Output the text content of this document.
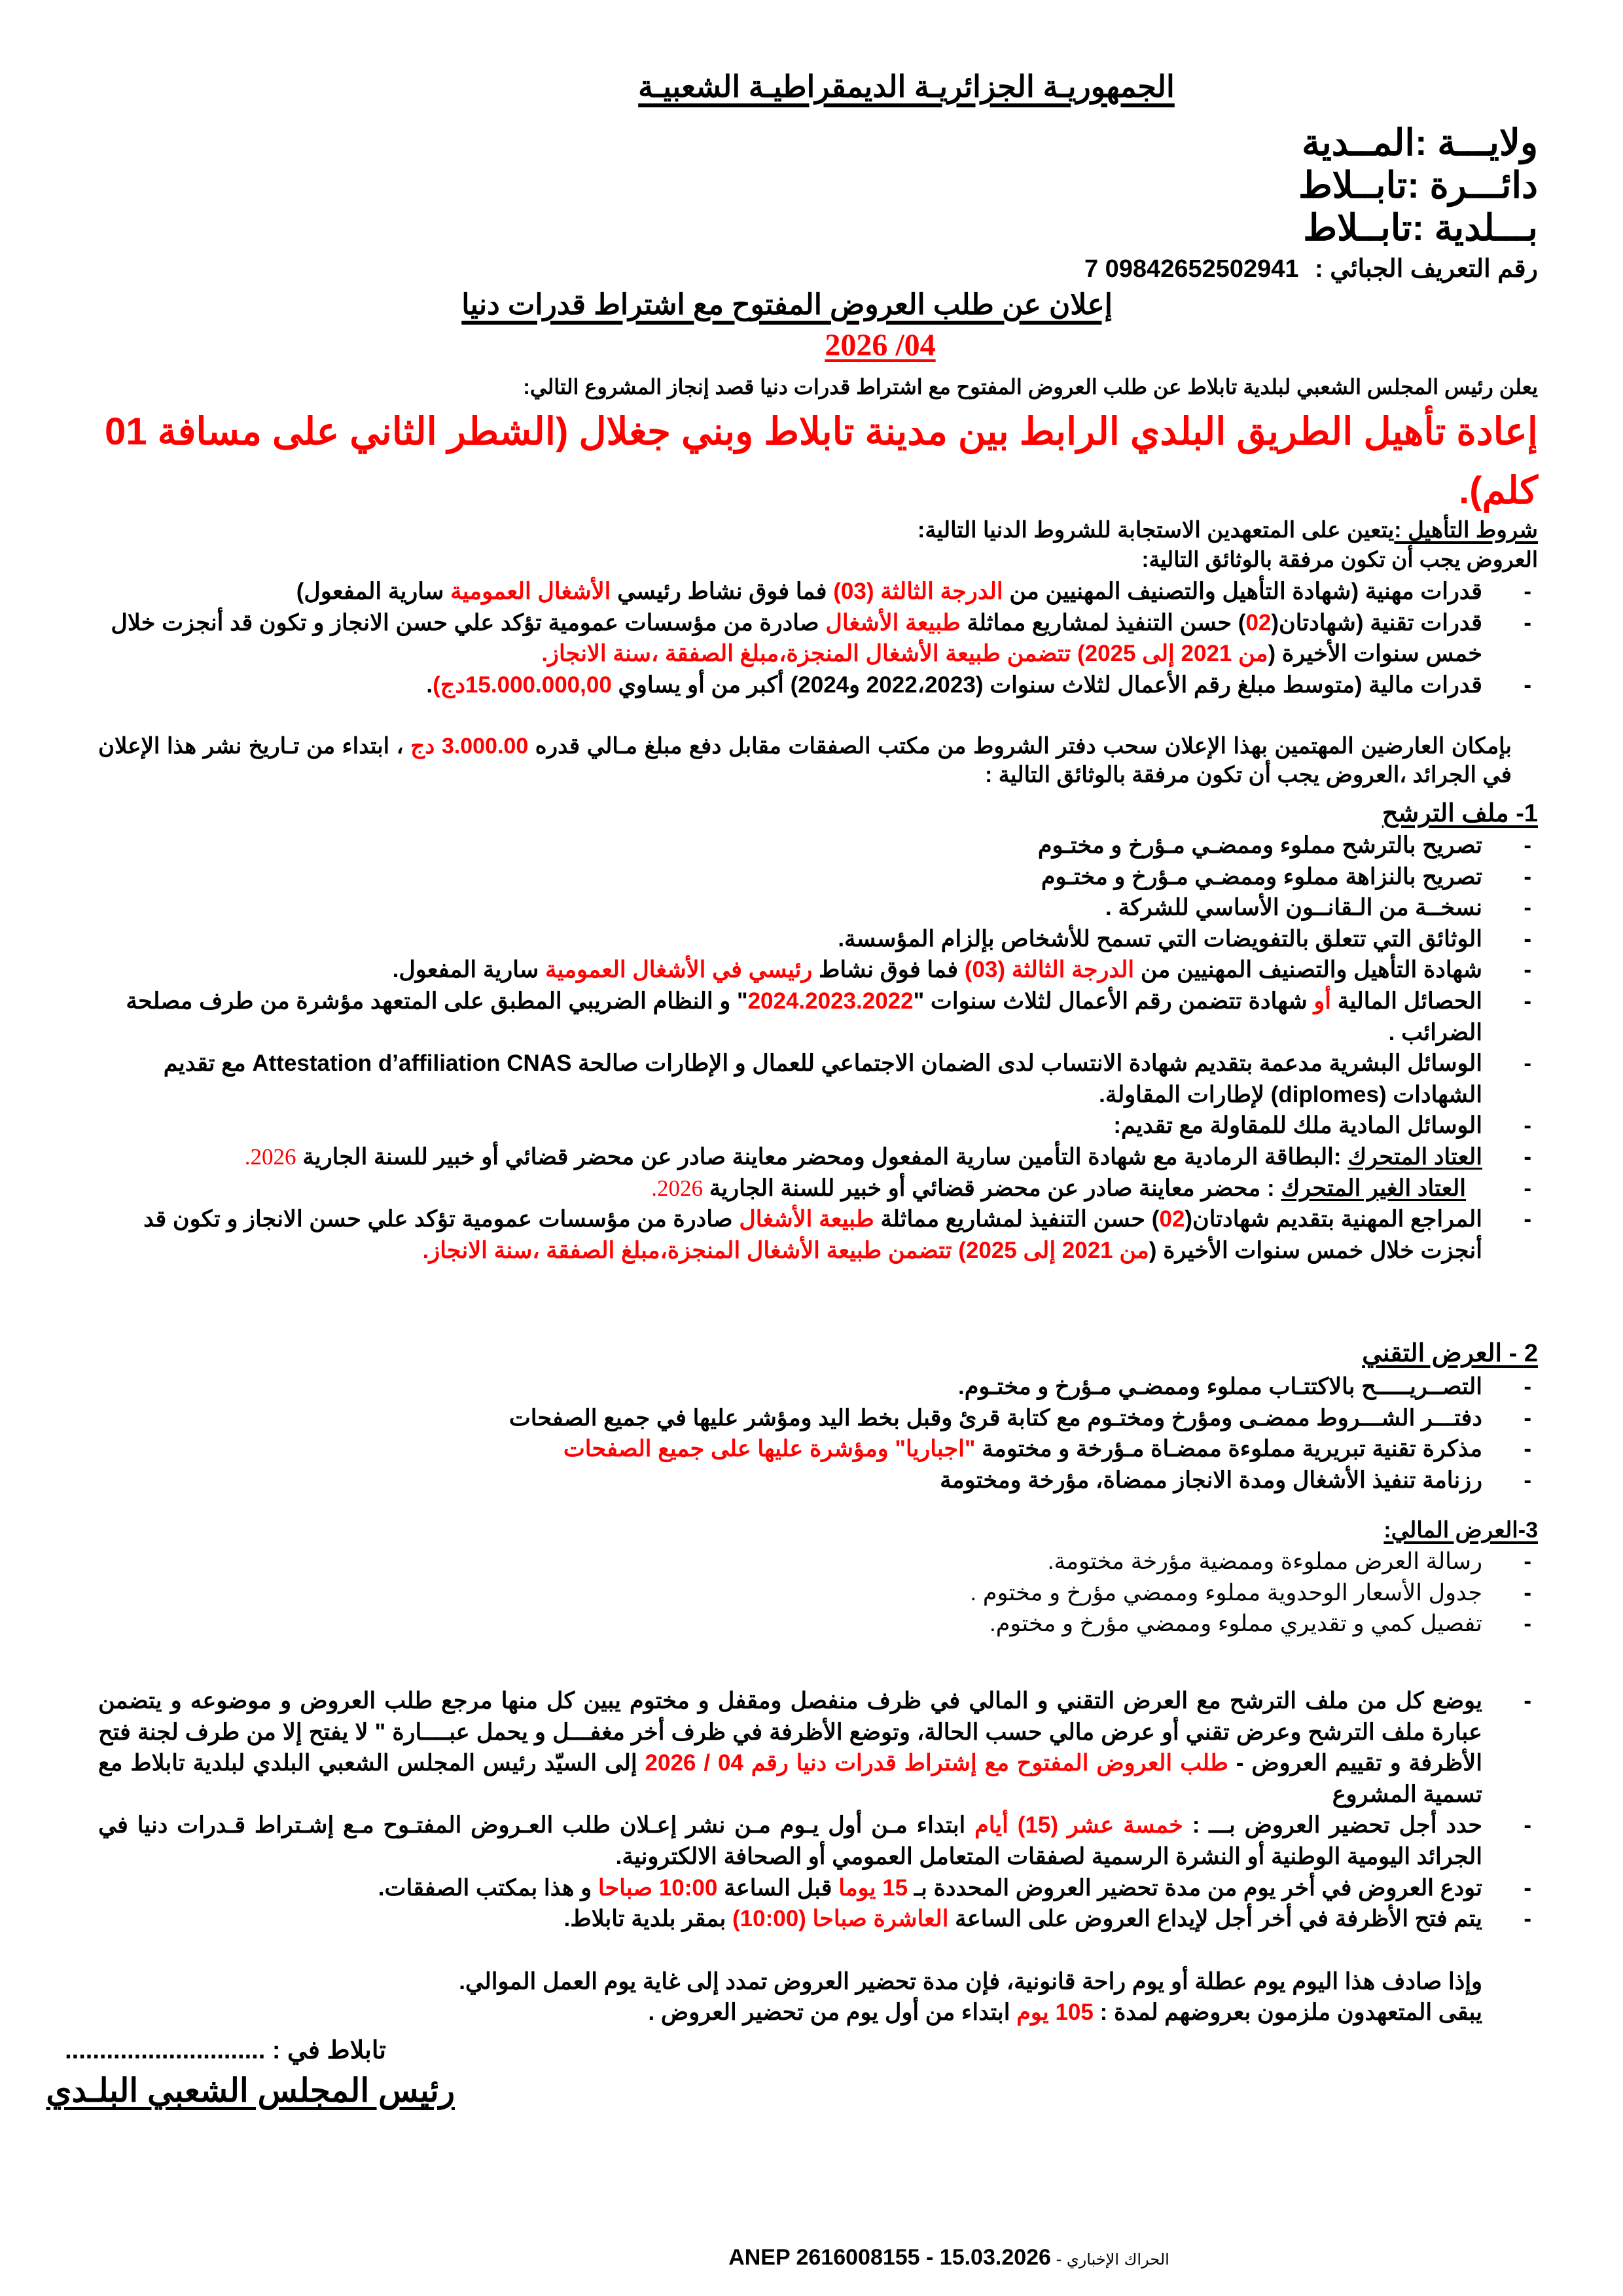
الجمهوريـة الجزائريـة الديمقراطيـة الشعبيـة
ولايـــة :المــدية
دائـــرة :تابــلاط
بـــلدية :تابــلاط
رقم التعريف الجبائي : 09842652502941 7
إعلان عن طلب العروض المفتوح مع اشتراط قدرات دنيا
2026 /04
يعلن رئيس المجلس الشعبي لبلدية تابلاط عن طلب العروض المفتوح مع اشتراط قدرات دنيا قصد إنجاز المشروع التالي:
إعادة تأهيل الطريق البلدي الرابط بين مدينة تابلاط وبني جغلال (الشطر الثاني على مسافة 01 كلم).
شروط التأهيل :يتعين على المتعهدين الاستجابة للشروط الدنيا التالية:
العروض يجب أن تكون مرفقة بالوثائق التالية:
- قدرات مهنية (شهادة التأهيل والتصنيف المهنيين من الدرجة الثالثة (03) فما فوق نشاط رئيسي الأشغال العمومية سارية المفعول)
- قدرات تقنية (شهادتان(02) حسن التنفيذ لمشاريع مماثلة طبيعة الأشغال صادرة من مؤسسات عمومية تؤكد علي حسن الانجاز و تكون قد أنجزت خلال خمس سنوات الأخيرة (من 2021 إلى 2025) تتضمن طبيعة الأشغال المنجزة،مبلغ الصفقة ،سنة الانجاز.
- قدرات مالية (متوسط مبلغ رقم الأعمال لثلاث سنوات (2022،2023 و2024) أكبر من أو يساوي 15.000.000,00دج).
بإمكان العارضين المهتمين بهذا الإعلان سحب دفتر الشروط من مكتب الصفقات مقابل دفع مبلغ مـالي قدره 3.000.00 دج ، ابتداء من تـاريخ نشر هذا الإعلان في الجرائد ،العروض يجب أن تكون مرفقة بالوثائق التالية :
1- ملف الترشح
- تصريح بالترشح مملوء وممضـي مـؤرخ و مختـوم
- تصريح بالنزاهة مملوء وممضـي مـؤرخ و مختـوم
- نسخــة من الـقانــون الأساسي للشركة .
- الوثائق التي تتعلق بالتفويضات التي تسمح للأشخاص بإلزام المؤسسة.
- شهادة التأهيل والتصنيف المهنيين من الدرجة الثالثة (03) فما فوق نشاط رئيسي في الأشغال العمومية سارية المفعول.
- الحصائل المالية أو شهادة تتضمن رقم الأعمال لثلاث سنوات "2024.2023.2022" و النظام الضريبي المطبق على المتعهد مؤشرة من طرف مصلحة الضرائب .
- الوسائل البشرية مدعمة بتقديم شهادة الانتساب لدى الضمان الاجتماعي للعمال و الإطارات صالحة Attestation d’affiliation CNAS مع تقديم الشهادات (diplomes) لإطارات المقاولة.
- الوسائل المادية ملك للمقاولة مع تقديم:
- العتاد المتحرك :البطاقة الرمادية مع شهادة التأمين سارية المفعول ومحضر معاينة صادر عن محضر قضائي أو خبير للسنة الجارية 2026.
- العتاد الغير المتحرك : محضر معاينة صادر عن محضر قضائي أو خبير للسنة الجارية 2026.
- المراجع المهنية بتقديم شهادتان(02) حسن التنفيذ لمشاريع مماثلة طبيعة الأشغال صادرة من مؤسسات عمومية تؤكد علي حسن الانجاز و تكون قد أنجزت خلال خمس سنوات الأخيرة (من 2021 إلى 2025) تتضمن طبيعة الأشغال المنجزة،مبلغ الصفقة ،سنة الانجاز.
2 - العرض التقني
- التصــريـــــح بالاكتتـاب مملوء وممضـي مـؤرخ و مختـوم.
- دفتـــر الشـــروط ممضـى ومؤرخ ومختـوم مع كتابة قرئ وقبل بخط اليد ومؤشر عليها في جميع الصفحات
- مذكرة تقنية تبريرية مملوءة ممضـاة مـؤرخة و مختومة "اجباريا" ومؤشرة عليها على جميع الصفحات
- رزنامة تنفيذ الأشغال ومدة الانجاز ممضاة، مؤرخة ومختومة
3-العرض المالي:
- رسالة العرض مملوءة وممضية مؤرخة مختومة.
- جدول الأسعار الوحدوية مملوء وممضي مؤرخ و مختوم .
- تفصيل كمي و تقديري مملوء وممضي مؤرخ و مختوم.
- يوضع كل من ملف الترشح مع العرض التقني و المالي في ظرف منفصل ومقفل و مختوم يبين كل منها مرجع طلب العروض و موضوعه و يتضمن عبارة ملف الترشح وعرض تقني أو عرض مالي حسب الحالة، وتوضع الأظرفة في ظرف أخر مغفـــل و يحمل عبــــارة " لا يفتح إلا من طرف لجنة فتح الأظرفة و تقييم العروض - طلب العروض المفتوح مع إشتراط قدرات دنيا رقم 04 / 2026 إلى السيّد رئيس المجلس الشعبي البلدي لبلدية تابلاط مع تسمية المشروع
- حدد أجل تحضير العروض بـــ : خمسة عشر (15) أيام ابتداء مـن أول يـوم مـن نشر إعـلان طلب العـروض المفتـوح مـع إشـتراط قـدرات دنيا في الجرائد اليومية الوطنية أو النشرة الرسمية لصفقات المتعامل العمومي أو الصحافة الالكترونية.
- تودع العروض في أخر يوم من مدة تحضير العروض المحددة بـ 15 يوما قبل الساعة 10:00 صباحا و هذا بمكتب الصفقات.
- يتم فتح الأظرفة في أخر أجل لإيداع العروض على الساعة العاشرة صباحا (10:00) بمقر بلدية تابلاط.
وإذا صادف هذا اليوم يوم عطلة أو يوم راحة قانونية، فإن مدة تحضير العروض تمدد إلى غاية يوم العمل الموالي.
يبقى المتعهدون ملزمون بعروضهم لمدة : 105 يوم ابتداء من أول يوم من تحضير العروض .
تابلاط في : .............................
رئيس المجلس الشعبي البلـدي
الحراك الإخباري - ANEP 2616008155 - 15.03.2026
